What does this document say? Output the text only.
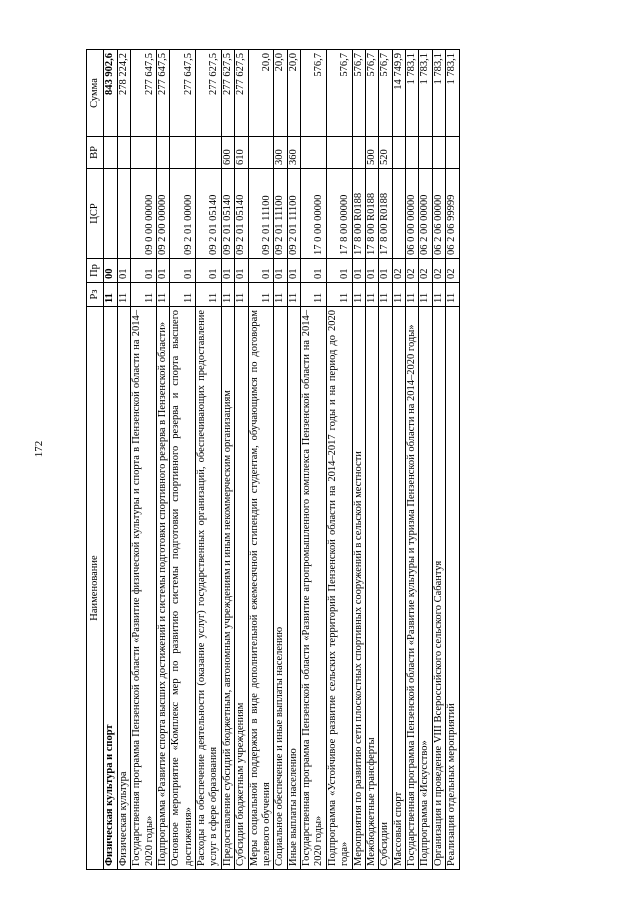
172
Наименование	Рз	Пр	ЦСР	ВР	Сумма
Физическая культура и спорт	11	00			843 902,6
Физическая культура	11	01			278 224,2
Государственная программа Пензенской области «Развитие физической культуры и спорта в Пензенской области на 2014–2020 годы»	11	01	09 0 00 00000		277 647,5
Подпрограмма «Развитие спорта высших достижений и системы подготовки спортивного резерва в Пензенской области»	11	01	09 2 00 00000		277 647,5
Основное мероприятие «Комплекс мер по развитию системы подготовки спортивного резерва и спорта высшего достижения»	11	01	09 2 01 00000		277 647,5
Расходы на обеспечение деятельности (оказание услуг) государственных организаций, обеспечивающих предоставление услуг в сфере образования	11	01	09 2 01 05140		277 627,5
Предоставление субсидий бюджетным, автономным учреждениям и иным некоммерческим организациям	11	01	09 2 01 05140	600	277 627,5
Субсидии бюджетным учреждениям	11	01	09 2 01 05140	610	277 627,5
Меры социальной поддержки в виде дополнительной ежемесячной стипендии студентам, обучающимся по договорам целевого обучения	11	01	09 2 01 11100		20,0
Социальное обеспечение и иные выплаты населению	11	01	09 2 01 11100	300	20,0
Иные выплаты населению	11	01	09 2 01 11100	360	20,0
Государственная программа Пензенской области «Развитие агропромышленного комплекса Пензенской области на 2014–2020 годы»	11	01	17 0 00 00000		576,7
Подпрограмма «Устойчивое развитие сельских территорий Пензенской области на 2014–2017 годы и на период до 2020 года»	11	01	17 8 00 00000		576,7
Мероприятия по развитию сети плоскостных спортивных сооружений в сельской местности	11	01	17 8 00 R0188		576,7
Межбюджетные трансферты	11	01	17 8 00 R0188	500	576,7
Субсидии	11	01	17 8 00 R0188	520	576,7
Массовый спорт	11	02			14 749,9
Государственная программа Пензенской области «Развитие культуры и туризма Пензенской области на 2014–2020 годы»	11	02	06 0 00 00000		1 783,1
Подпрограмма «Искусство»	11	02	06 2 00 00000		1 783,1
Организация и проведение VIII Всероссийского сельского Сабантуя	11	02	06 2 06 00000		1 783,1
Реализация отдельных мероприятий	11	02	06 2 06 99999		1 783,1
